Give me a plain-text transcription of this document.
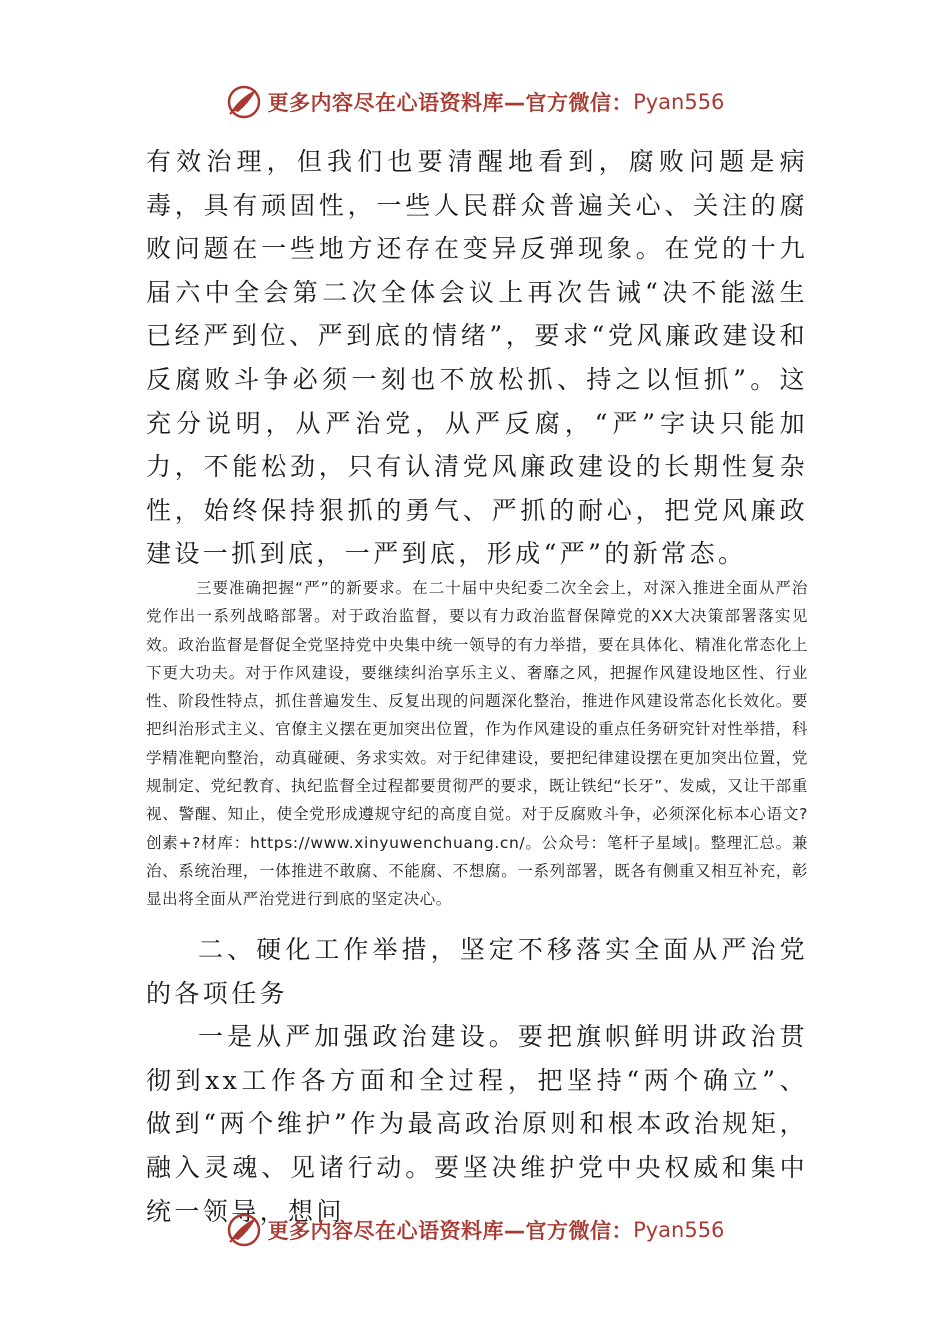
更多内容尽在心语资料库—官方微信： Pyan556

有效治理，但我们也要清醒地看到，腐败问题是病毒，具有顽固性，一些人民群众普遍关心、关注的腐败问题在一些地方还存在变异反弹现象。在党的十九届六中全会第二次全体会议上再次告诫“决不能滋生已经严到位、严到底的情绪”，要求“党风廉政建设和反腐败斗争必须一刻也不放松抓、持之以恒抓”。这充分说明，从严治党，从严反腐，“严”字诀只能加力，不能松劲，只有认清党风廉政建设的长期性复杂性，始终保持狠抓的勇气、严抓的耐心，把党风廉政建设一抓到底，一严到底，形成“严”的新常态。

三要准确把握“严”的新要求。在二十届中央纪委二次全会上，对深入推进全面从严治党作出一系列战略部署。对于政治监督，要以有力政治监督保障党的XX大决策部署落实见效。政治监督是督促全党坚持党中央集中统一领导的有力举措，要在具体化、精准化常态化上下更大功夫。对于作风建设，要继续纠治享乐主义、奢靡之风，把握作风建设地区性、行业性、阶段性特点，抓住普遍发生、反复出现的问题深化整治，推进作风建设常态化长效化。要把纠治形式主义、官僚主义摆在更加突出位置，作为作风建设的重点任务研究针对性举措，科学精准靶向整治，动真碰硬、务求实效。对于纪律建设，要把纪律建设摆在更加突出位置，党规制定、党纪教育、执纪监督全过程都要贯彻严的要求，既让铁纪“长牙”、发威，又让干部重视、警醒、知止，使全党形成遵规守纪的高度自觉。对于反腐败斗争，必须深化标本心语文?创素+?材库：https://www.xinyuwenchuang.cn/。公众号：笔杆子星域|。整理汇总。兼治、系统治理，一体推进不敢腐、不能腐、不想腐。一系列部署，既各有侧重又相互补充，彰显出将全面从严治党进行到底的坚定决心。

二、硬化工作举措，坚定不移落实全面从严治党的各项任务

一是从严加强政治建设。要把旗帜鲜明讲政治贯彻到xx工作各方面和全过程，把坚持“两个确立”、做到“两个维护”作为最高政治原则和根本政治规矩，融入灵魂、见诸行动。要坚决维护党中央权威和集中统一领导，想问

更多内容尽在心语资料库—官方微信： Pyan556
